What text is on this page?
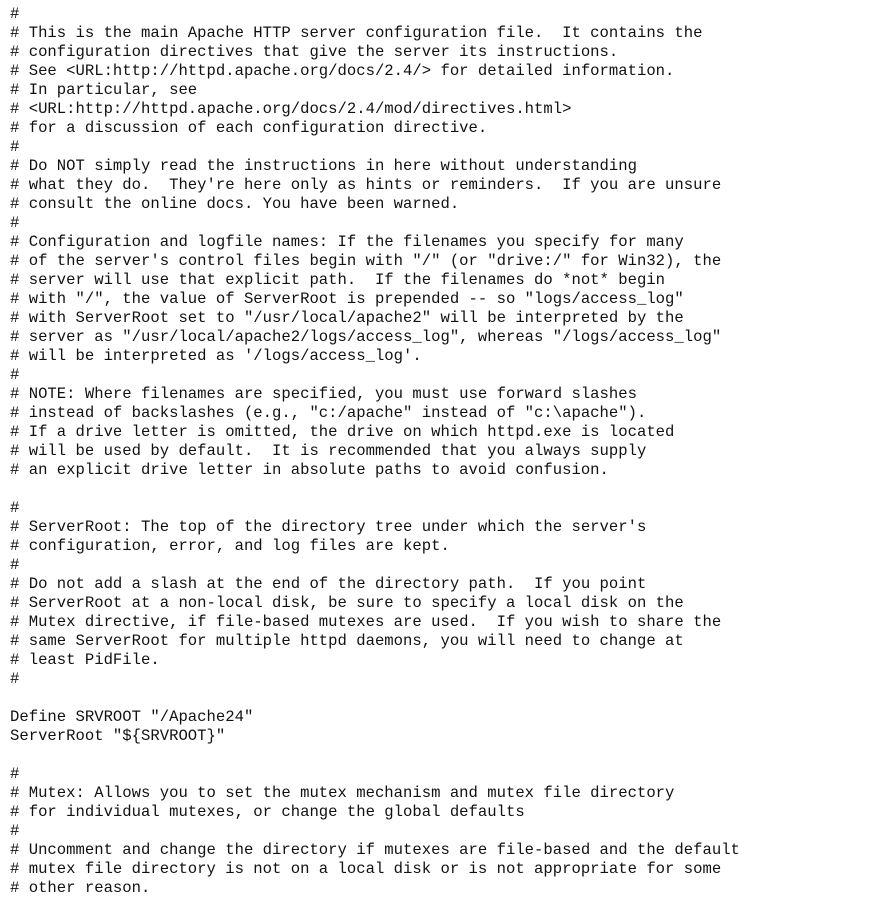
#
# This is the main Apache HTTP server configuration file.  It contains the
# configuration directives that give the server its instructions.
# See <URL:http://httpd.apache.org/docs/2.4/> for detailed information.
# In particular, see
# <URL:http://httpd.apache.org/docs/2.4/mod/directives.html>
# for a discussion of each configuration directive.
#
# Do NOT simply read the instructions in here without understanding
# what they do.  They're here only as hints or reminders.  If you are unsure
# consult the online docs. You have been warned.
#
# Configuration and logfile names: If the filenames you specify for many
# of the server's control files begin with "/" (or "drive:/" for Win32), the
# server will use that explicit path.  If the filenames do *not* begin
# with "/", the value of ServerRoot is prepended -- so "logs/access_log"
# with ServerRoot set to "/usr/local/apache2" will be interpreted by the
# server as "/usr/local/apache2/logs/access_log", whereas "/logs/access_log"
# will be interpreted as '/logs/access_log'.
#
# NOTE: Where filenames are specified, you must use forward slashes
# instead of backslashes (e.g., "c:/apache" instead of "c:\apache").
# If a drive letter is omitted, the drive on which httpd.exe is located
# will be used by default.  It is recommended that you always supply
# an explicit drive letter in absolute paths to avoid confusion.

#
# ServerRoot: The top of the directory tree under which the server's
# configuration, error, and log files are kept.
#
# Do not add a slash at the end of the directory path.  If you point
# ServerRoot at a non-local disk, be sure to specify a local disk on the
# Mutex directive, if file-based mutexes are used.  If you wish to share the
# same ServerRoot for multiple httpd daemons, you will need to change at
# least PidFile.
#

Define SRVROOT "/Apache24"
ServerRoot "${SRVROOT}"

#
# Mutex: Allows you to set the mutex mechanism and mutex file directory
# for individual mutexes, or change the global defaults
#
# Uncomment and change the directory if mutexes are file-based and the default
# mutex file directory is not on a local disk or is not appropriate for some
# other reason.
